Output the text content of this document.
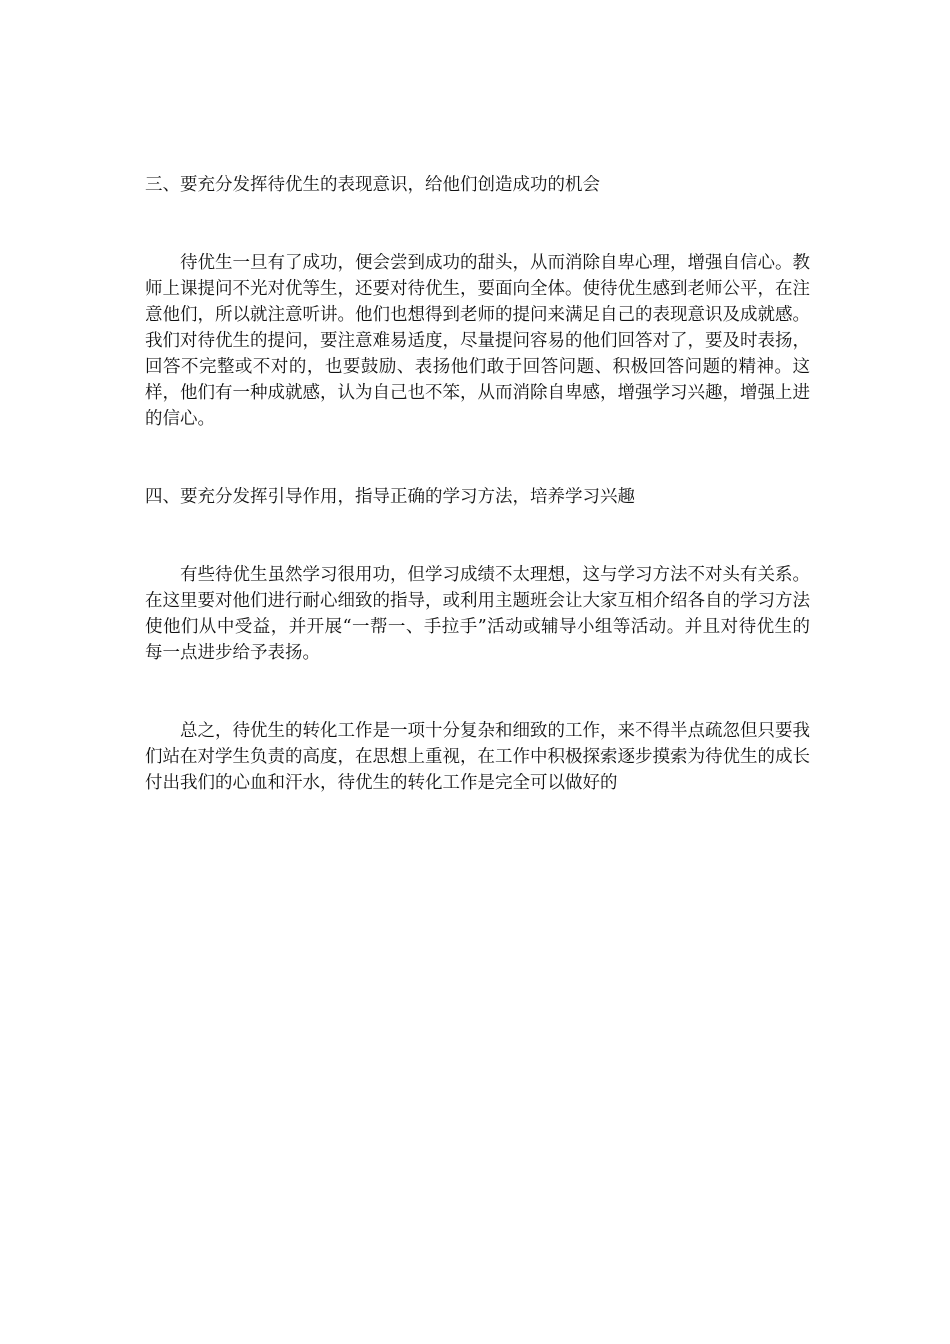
三、要充分发挥待优生的表现意识，给他们创造成功的机会

待优生一旦有了成功，便会尝到成功的甜头，从而消除自卑心理，增强自信心。教师上课提问不光对优等生，还要对待优生，要面向全体。使待优生感到老师公平，在注意他们，所以就注意听讲。他们也想得到老师的提问来满足自己的表现意识及成就感。我们对待优生的提问，要注意难易适度，尽量提问容易的他们回答对了，要及时表扬，回答不完整或不对的，也要鼓励、表扬他们敢于回答问题、积极回答问题的精神。这样，他们有一种成就感，认为自己也不笨，从而消除自卑感，增强学习兴趣，增强上进的信心。

四、要充分发挥引导作用，指导正确的学习方法，培养学习兴趣

有些待优生虽然学习很用功，但学习成绩不太理想，这与学习方法不对头有关系。在这里要对他们进行耐心细致的指导，或利用主题班会让大家互相介绍各自的学习方法使他们从中受益，并开展“一帮一、手拉手”活动或辅导小组等活动。并且对待优生的每一点进步给予表扬。

总之，待优生的转化工作是一项十分复杂和细致的工作，来不得半点疏忽但只要我们站在对学生负责的高度，在思想上重视，在工作中积极探索逐步摸索为待优生的成长付出我们的心血和汗水，待优生的转化工作是完全可以做好的
